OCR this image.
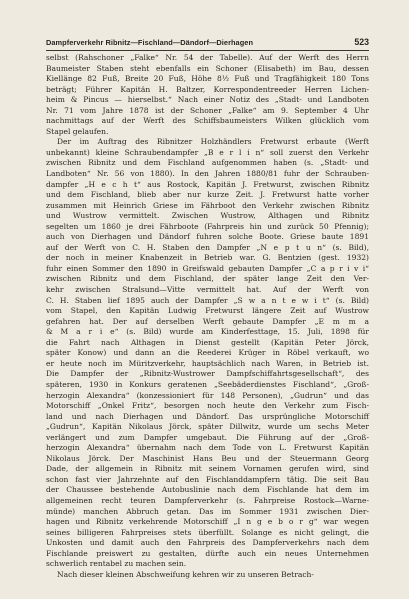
Dampferverkehr Ribnitz—Fischland—Dändorf—Dierhagen	523
selbst (Rahschoner „Falke“ Nr. 54 der Tabelle). Auf der Werft des Herrn
Baumeister Staben steht ebenfalls ein Schoner (Elisabeth) im Bau, dessen
Kiellänge 82 Fuß, Breite 20 Fuß, Höhe 8½ Fuß und Tragfähigkeit 180 Tons
beträgt; Führer Kapitän H. Baltzer, Korrespondentreeder Herren Lichen-
heim & Pincus — hierselbst.“ Nach einer Notiz des „Stadt- und Landboten
Nr. 71 vom Jahre 1878 ist der Schoner „Falke“ am 9. September 4 Uhr
nachmittags auf der Werft des Schiffsbaumeisters Wilken glücklich vom
Stapel gelaufen.
Der im Auftrag des Ribnitzer Holzhändlers Fretwurst erbaute (Werft
unbekannt) kleine Schraubendampfer „B e r l i n“ soll zuerst den Verkehr
zwischen Ribnitz und dem Fischland aufgenommen haben (s. „Stadt- und
Landboten“ Nr. 56 von 1880). In den Jahren 1880/81 fuhr der Schrauben-
dampfer „H e c h t“ aus Rostock, Kapitän J. Fretwurst, zwischen Ribnitz
und dem Fischland, blieb aber nur kurze Zeit. J. Fretwurst hatte vorher
zusammen mit Heinrich Griese im Fährboot den Verkehr zwischen Ribnitz
und Wustrow vermittelt. Zwischen Wustrow, Althagen und Ribnitz
segelten um 1860 je drei Fährboote (Fahrpreis hin und zurück 50 Pfennig);
auch von Dierhagen und Dändorf fuhren solche Boote. Griese baute 1891
auf der Werft von C. H. Staben den Dampfer „N e p t u n“ (s. Bild),
der noch in meiner Knabenzeit in Betrieb war. G. Bentzien (gest. 1932)
fuhr einen Sommer den 1890 in Greifswald gebauten Dampfer „C a p r i v i“
zwischen Ribnitz und dem Fischland, der später lange Zeit den Ver-
kehr zwischen Stralsund—Vitte vermittelt hat. Auf der Werft von
C. H. Staben lief 1895 auch der Dampfer „S w a n t e w i t“ (s. Bild)
vom Stapel, den Kapitän Ludwig Fretwurst längere Zeit auf Wustrow
gefahren hat. Der auf derselben Werft gebaute Dampfer „E m m a
& M a r i e“ (s. Bild) wurde am Kinderfesttage, 15. Juli, 1898 für
die Fahrt nach Althagen in Dienst gestellt (Kapitän Peter Jörck,
später Konow) und dann an die Reederei Krüger in Röbel verkauft, wo
er heute noch im Müritzverkehr, hauptsächlich nach Waren, in Betrieb ist.
Die Dampfer der „Ribnitz-Wustrower Dampfschiffahrtsgesellschaft“, des
späteren, 1930 in Konkurs geratenen „Seebäderdienstes Fischland“, „Groß-
herzogin Alexandra“ (konzessioniert für 148 Personen), „Gudrun“ und das
Motorschiff „Onkel Fritz“, besorgen noch heute den Verkehr zum Fisch-
land und nach Dierhagen und Dändorf. Das ursprüngliche Motorschiff
„Gudrun“, Kapitän Nikolaus Jörck, später Dillwitz, wurde um sechs Meter
verlängert und zum Dampfer umgebaut. Die Führung auf der „Groß-
herzogin Alexandra“ übernahm nach dem Tode von L. Fretwurst Kapitän
Nikolaus Jörck. Der Maschinist Hans Beu und der Steuermann Georg
Dade, der allgemein in Ribnitz mit seinem Vornamen gerufen wird, sind
schon fast vier Jahrzehnte auf den Fischlanddampfern tätig. Die seit Bau
der Chaussee bestehende Autobuslinie nach dem Fischlande hat dem im
allgemeinen recht teuren Dampferverkehr (s. Fahrpreise Rostock—Warne-
münde) manchen Abbruch getan. Das im Sommer 1931 zwischen Dier-
hagen und Ribnitz verkehrende Motorschiff „I n g e b o r g“ war wegen
seines billigeren Fahrpreises stets überfüllt. Solange es nicht gelingt, die
Unkosten und damit auch den Fahrpreis des Dampferverkehrs nach dem
Fischlande preiswert zu gestalten, dürfte auch ein neues Unternehmen
schwerlich rentabel zu machen sein.
Nach dieser kleinen Abschweifung kehren wir zu unseren Betrach-
